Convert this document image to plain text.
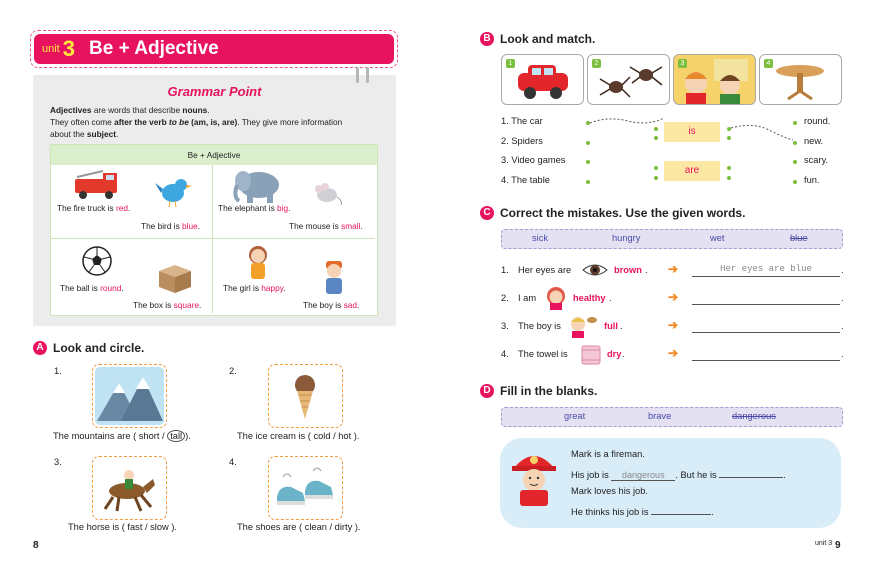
unit 3 Be + Adjective
Grammar Point
Adjectives are words that describe nouns.
They often come after the verb to be (am, is, are). They give more information
about the subject.
Be + Adjective
The fire truck is red.
The bird is blue.
The elephant is big.
The mouse is small.
The ball is round.
The box is square.
The girl is happy.
The boy is sad.
A Look and circle.
1.
The mountains are ( short / tall ).
2.
The ice cream is ( cold / hot ).
3.
The horse is ( fast / slow ).
4.
The shoes are ( clean / dirty ).
8
B Look and match.
1	2	3	4
1. The car
2. Spiders
3. Video games
4. The table
is
are
round.
new.
scary.
fun.
C Correct the mistakes. Use the given words.
sick	hungry	wet	blue
1. Her eyes are	brown . ➔	Her eyes are blue	.
2. I am	healthy .	➔	.
3. The boy is	full .	➔	.
4. The towel is	dry .	➔	.
D Fill in the blanks.
great	brave	dangerous
Mark is a fireman.
His job is dangerous . But he is	.
Mark loves his job.
He thinks his job is	.
unit 3 9
